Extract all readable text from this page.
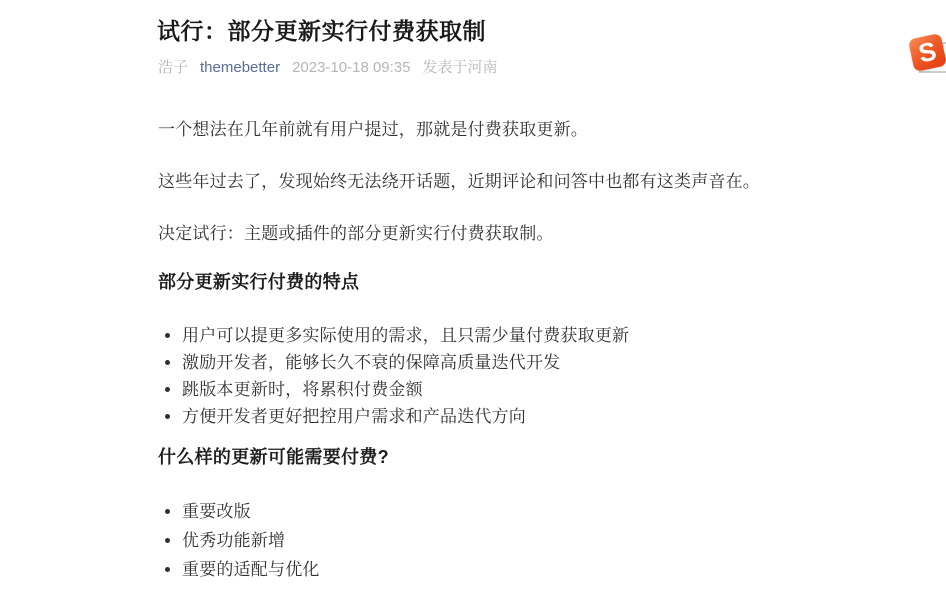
试行：部分更新实行付费获取制
浩子 themebetter 2023-10-18 09:35 发表于河南

一个想法在几年前就有用户提过，那就是付费获取更新。

这些年过去了，发现始终无法绕开话题，近期评论和问答中也都有这类声音在。

决定试行：主题或插件的部分更新实行付费获取制。

部分更新实行付费的特点
• 用户可以提更多实际使用的需求，且只需少量付费获取更新
• 激励开发者，能够长久不衰的保障高质量迭代开发
• 跳版本更新时，将累积付费金额
• 方便开发者更好把控用户需求和产品迭代方向
什么样的更新可能需要付费?
• 重要改版
• 优秀功能新增
• 重要的适配与优化
S
